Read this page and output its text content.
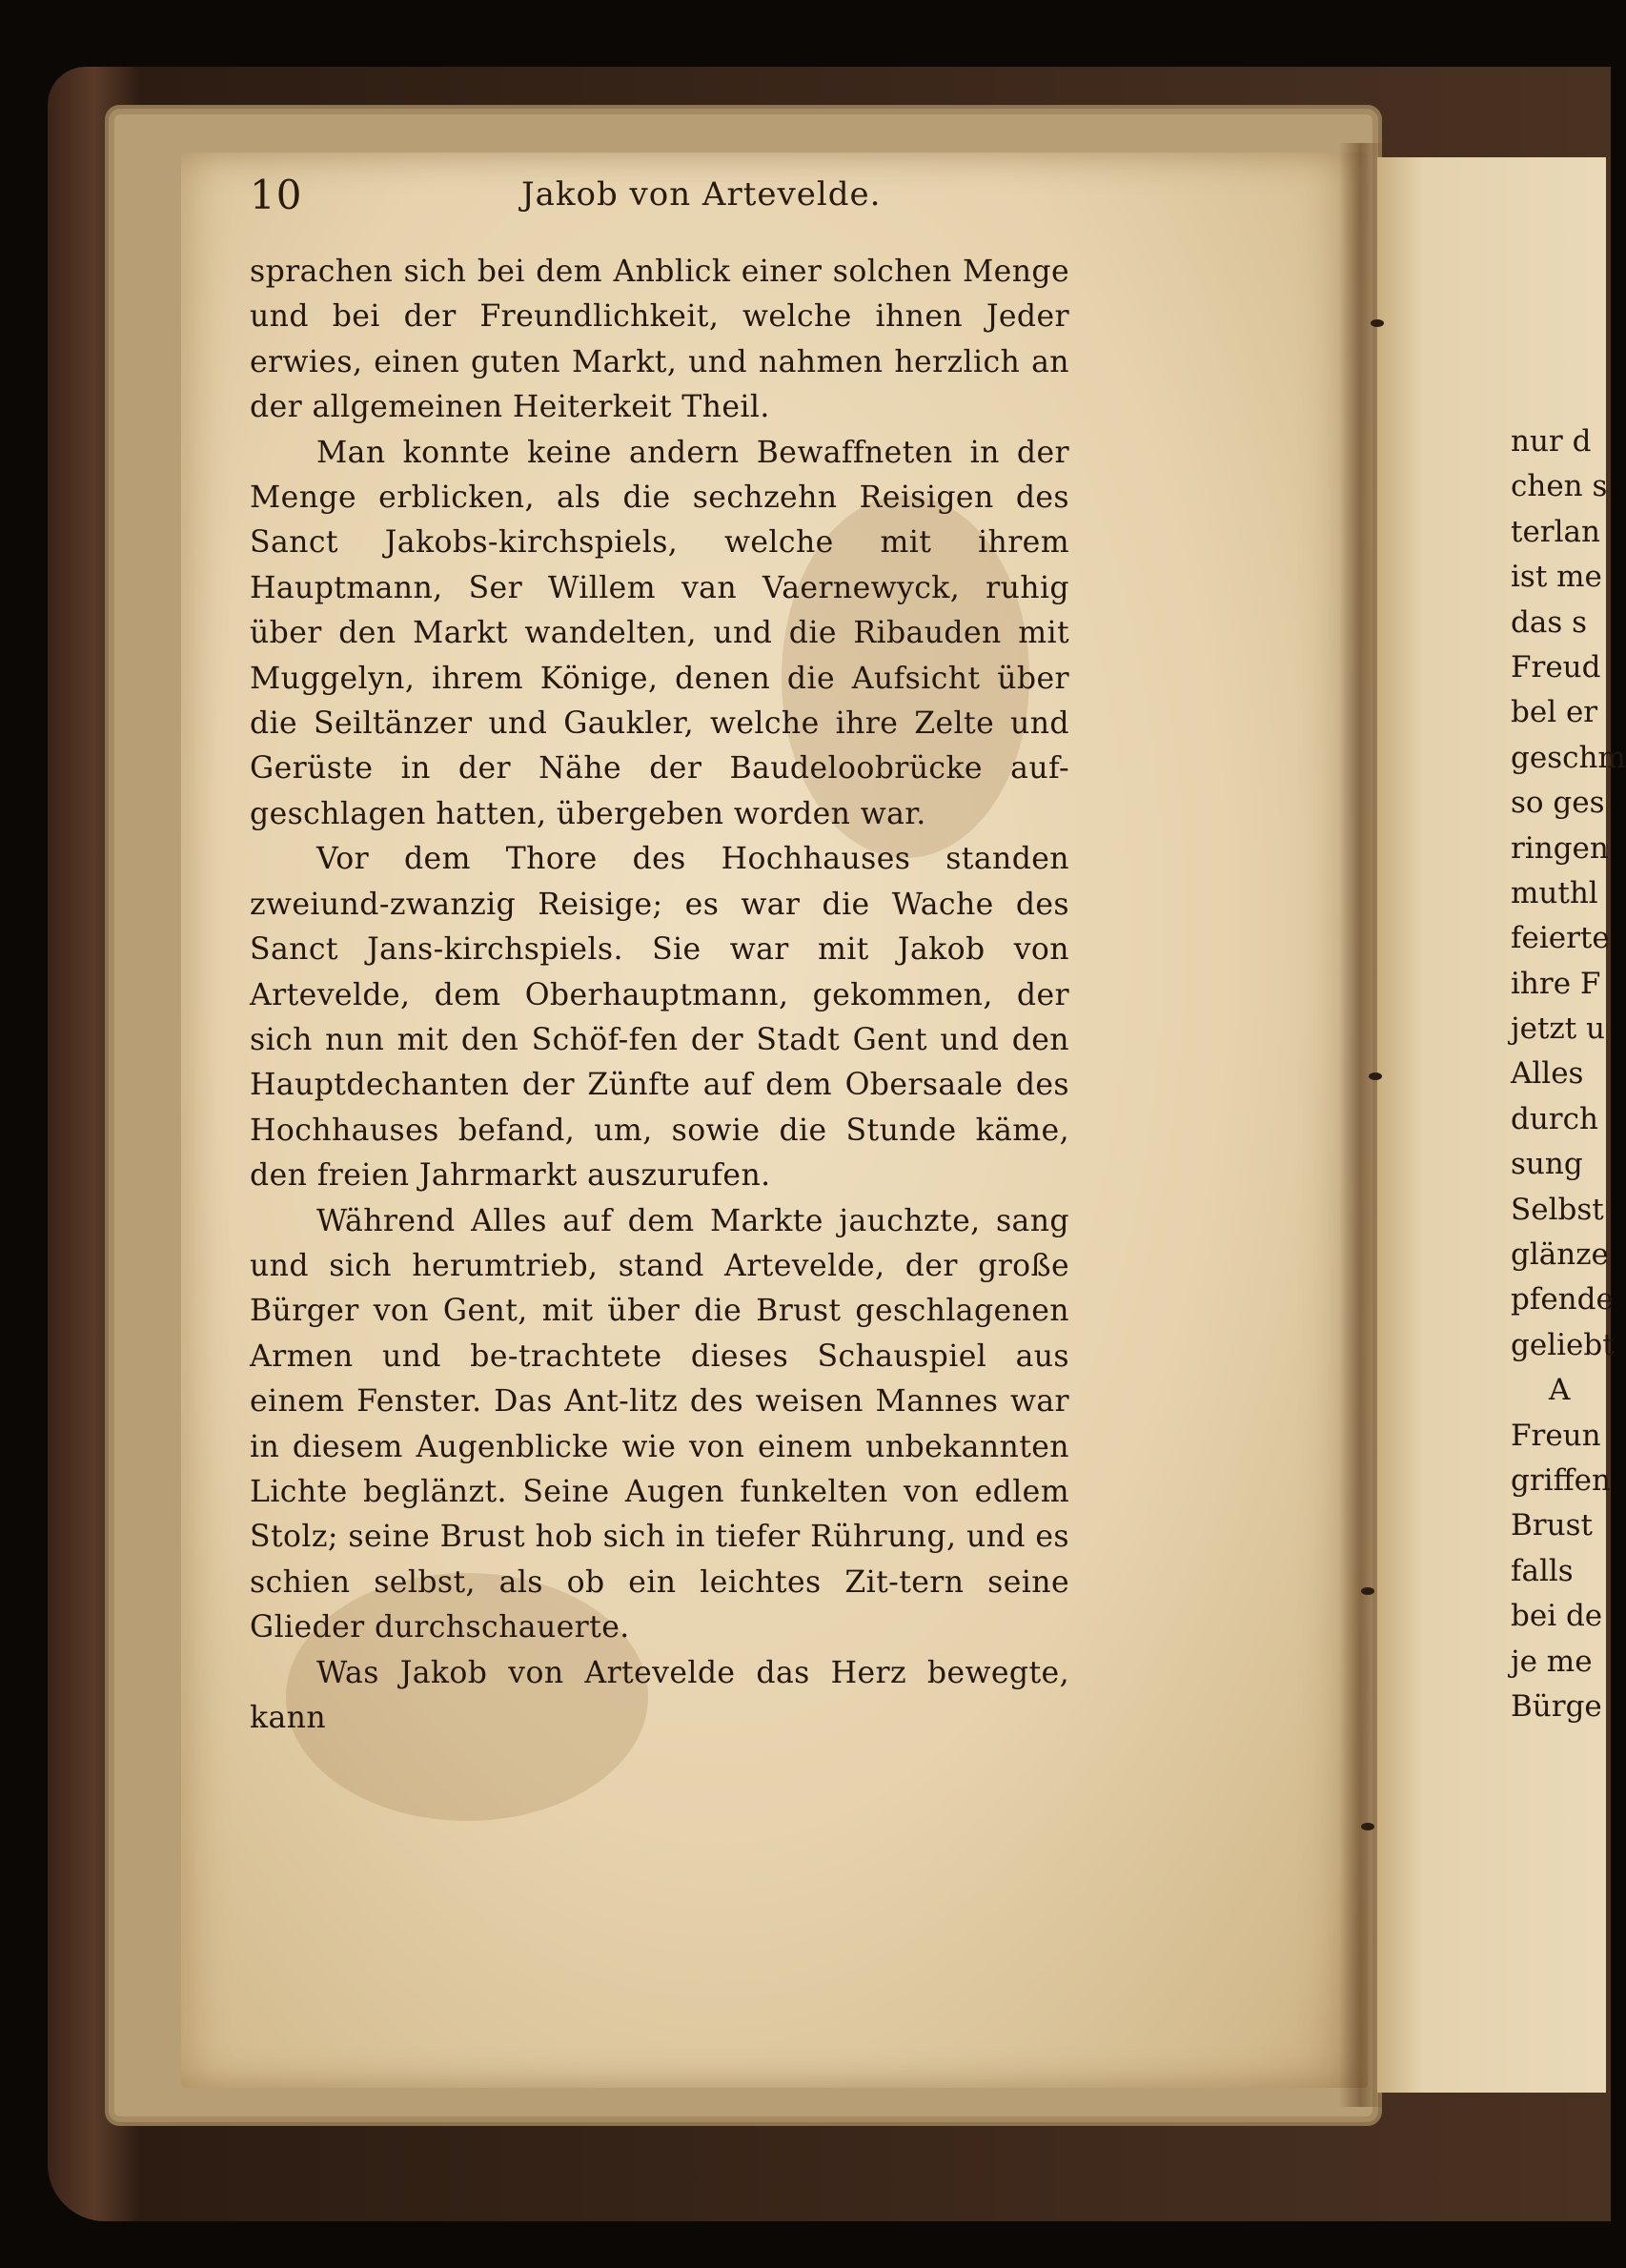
10	Jakob von Artevelde.

sprachen sich bei dem Anblick einer solchen Menge und bei der Freundlichkeit, welche ihnen Jeder erwies, einen guten Markt, und nahmen herzlich an der allgemeinen Heiterkeit Theil.

Man konnte keine andern Bewaffneten in der Menge erblicken, als die sechzehn Reisigen des Sanct Jakobs-kirchspiels, welche mit ihrem Hauptmann, Ser Willem van Vaernewyck, ruhig über den Markt wandelten, und die Ribauden mit Muggelyn, ihrem Könige, denen die Aufsicht über die Seiltänzer und Gaukler, welche ihre Zelte und Gerüste in der Nähe der Baudeloobrücke auf-geschlagen hatten, übergeben worden war.

Vor dem Thore des Hochhauses standen zweiund-zwanzig Reisige; es war die Wache des Sanct Jans-kirchspiels. Sie war mit Jakob von Artevelde, dem Oberhauptmann, gekommen, der sich nun mit den Schöf-fen der Stadt Gent und den Hauptdechanten der Zünfte auf dem Obersaale des Hochhauses befand, um, sowie die Stunde käme, den freien Jahrmarkt auszurufen.

Während Alles auf dem Markte jauchzte, sang und sich herumtrieb, stand Artevelde, der große Bürger von Gent, mit über die Brust geschlagenen Armen und be-trachtete dieses Schauspiel aus einem Fenster. Das Ant-litz des weisen Mannes war in diesem Augenblicke wie von einem unbekannten Lichte beglänzt. Seine Augen funkelten von edlem Stolz; seine Brust hob sich in tiefer Rührung, und es schien selbst, als ob ein leichtes Zit-tern seine Glieder durchschauerte.

Was Jakob von Artevelde das Herz bewegte, kann

nur d
chen s
terlan
ist me
das s
Freud
bel er
geschm
so ges
ringen
muthl
feierte
ihre F
jetzt u
Alles
durch
sung
Selbst
glänze
pfende
geliebt
A
Freun
griffen
Brust
falls
bei de
je me
Bürge
